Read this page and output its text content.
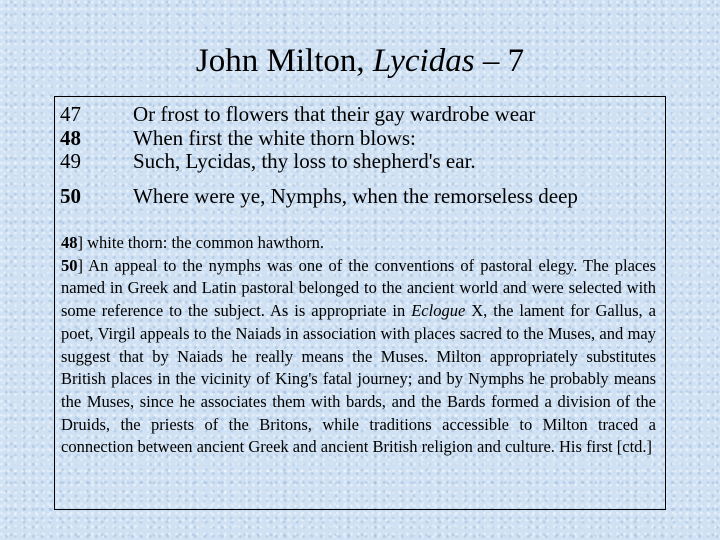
John Milton, Lycidas – 7
47	Or frost to flowers that their gay wardrobe wear
48	When first the white thorn blows:
49	Such, Lycidas, thy loss to shepherd's ear.
50	Where were ye, Nymphs, when the remorseless deep

48] white thorn: the common hawthorn.

50] An appeal to the nymphs was one of the conventions of pastoral elegy. The places named in Greek and Latin pastoral belonged to the ancient world and were selected with some reference to the subject. As is appropriate in Eclogue X, the lament for Gallus, a poet, Virgil appeals to the Naiads in association with places sacred to the Muses, and may suggest that by Naiads he really means the Muses. Milton appropriately substitutes British places in the vicinity of King's fatal journey; and by Nymphs he probably means the Muses, since he associates them with bards, and the Bards formed a division of the Druids, the priests of the Britons, while traditions accessible to Milton traced a connection between ancient Greek and ancient British religion and culture. His first [ctd.]
